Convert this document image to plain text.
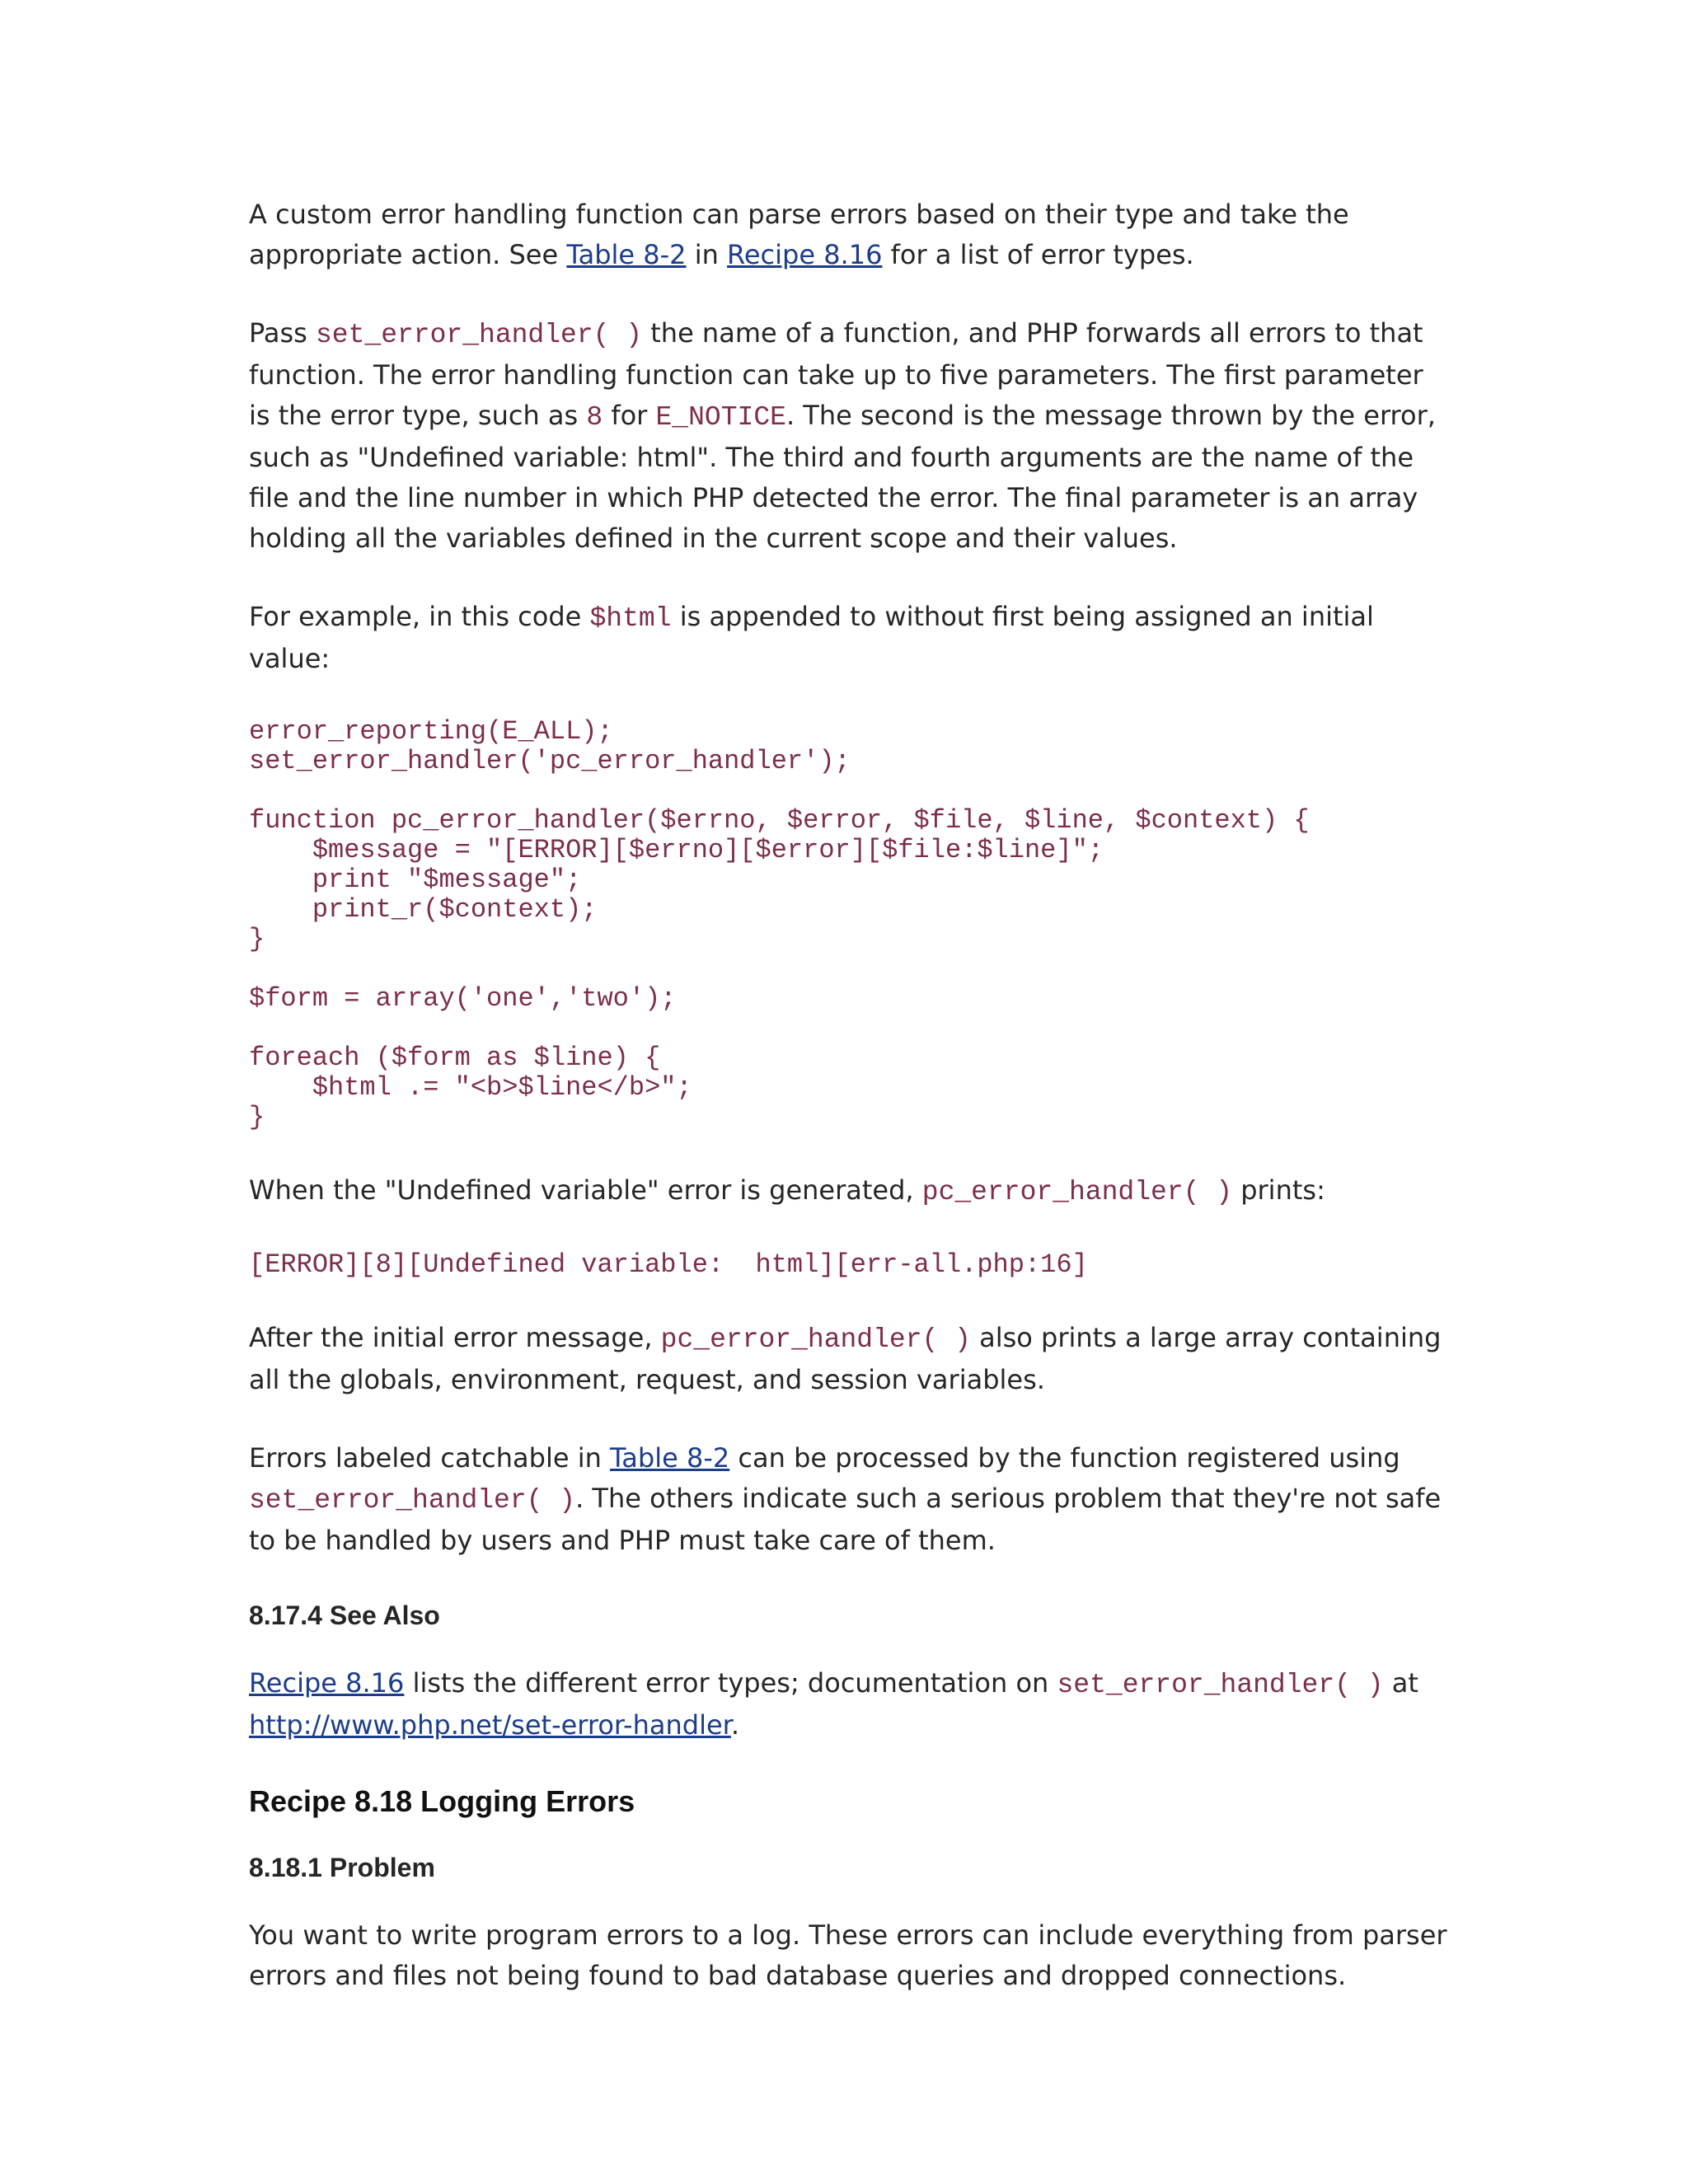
A custom error handling function can parse errors based on their type and take the appropriate action. See Table 8-2 in Recipe 8.16 for a list of error types.

Pass set_error_handler( ) the name of a function, and PHP forwards all errors to that function. The error handling function can take up to five parameters. The first parameter is the error type, such as 8 for E_NOTICE. The second is the message thrown by the error, such as "Undefined variable: html". The third and fourth arguments are the name of the file and the line number in which PHP detected the error. The final parameter is an array holding all the variables defined in the current scope and their values.

For example, in this code $html is appended to without first being assigned an initial value:

error_reporting(E_ALL);
set_error_handler('pc_error_handler');

function pc_error_handler($errno, $error, $file, $line, $context) {
$message = "[ERROR][$errno][$error][$file:$line]";
print "$message";
print_r($context);
}

$form = array('one','two');

foreach ($form as $line) {
$html .= "<b>$line</b>";
}

When the "Undefined variable" error is generated, pc_error_handler( ) prints:

[ERROR][8][Undefined variable:  html][err-all.php:16]

After the initial error message, pc_error_handler( ) also prints a large array containing all the globals, environment, request, and session variables.

Errors labeled catchable in Table 8-2 can be processed by the function registered using set_error_handler( ). The others indicate such a serious problem that they're not safe to be handled by users and PHP must take care of them.

8.17.4 See Also

Recipe 8.16 lists the different error types; documentation on set_error_handler( ) at http://www.php.net/set-error-handler.

Recipe 8.18 Logging Errors
8.18.1 Problem

You want to write program errors to a log. These errors can include everything from parser errors and files not being found to bad database queries and dropped connections.
